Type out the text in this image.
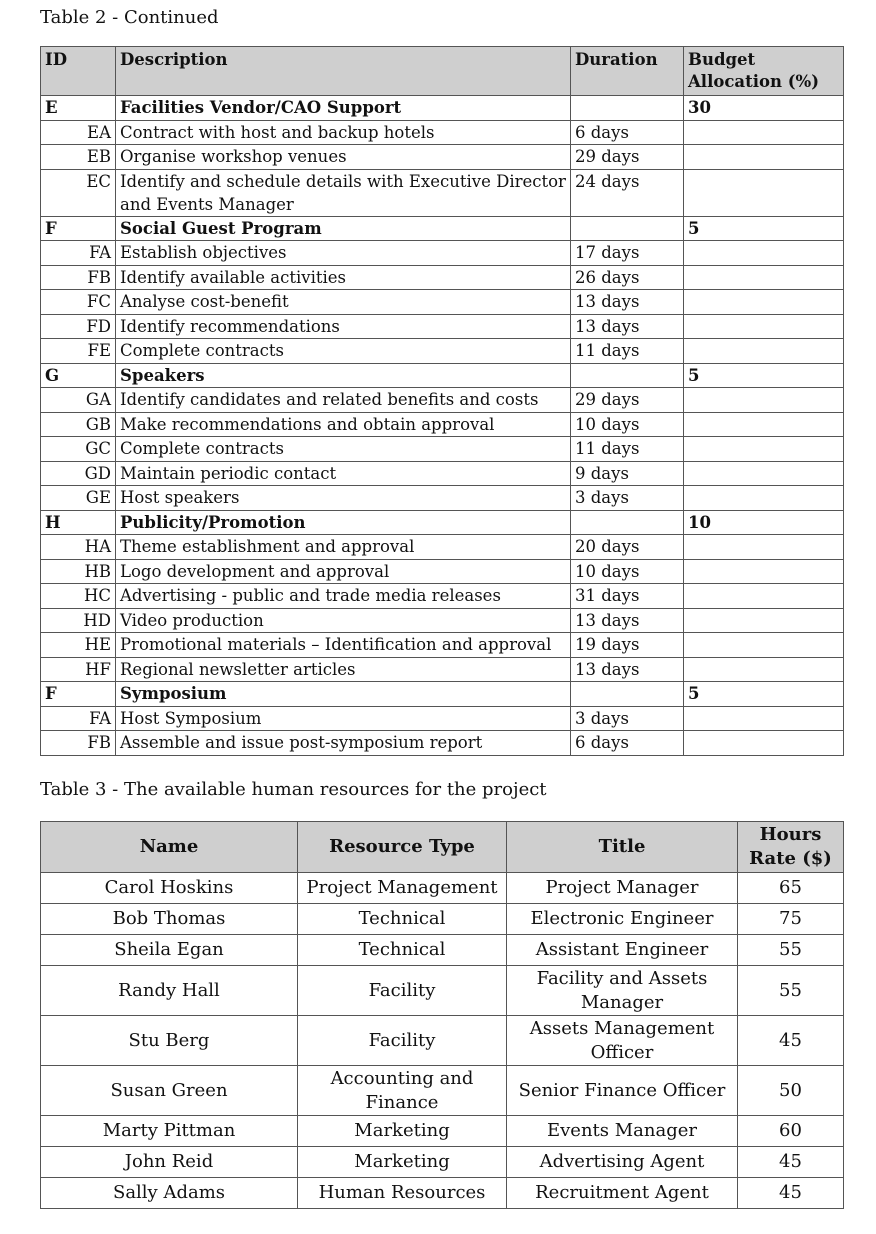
Table 2 - Continued
ID	Description	Duration	Budget Allocation (%)
E	Facilities Vendor/CAO Support		30
EA	Contract with host and backup hotels	6 days	
EB	Organise workshop venues	29 days	
EC	Identify and schedule details with Executive Director and Events Manager	24 days	
F	Social Guest Program		5
FA	Establish objectives	17 days	
FB	Identify available activities	26 days	
FC	Analyse cost-benefit	13 days	
FD	Identify recommendations	13 days	
FE	Complete contracts	11 days	
G	Speakers		5
GA	Identify candidates and related benefits and costs	29 days	
GB	Make recommendations and obtain approval	10 days	
GC	Complete contracts	11 days	
GD	Maintain periodic contact	9 days	
GE	Host speakers	3 days	
H	Publicity/Promotion		10
HA	Theme establishment and approval	20 days	
HB	Logo development and approval	10 days	
HC	Advertising - public and trade media releases	31 days	
HD	Video production	13 days	
HE	Promotional materials – Identification and approval	19 days	
HF	Regional newsletter articles	13 days	
F	Symposium		5
FA	Host Symposium	3 days	
FB	Assemble and issue post-symposium report	6 days	
Table 3 - The available human resources for the project
Name	Resource Type	Title	Hours Rate ($)
Carol Hoskins	Project Management	Project Manager	65
Bob Thomas	Technical	Electronic Engineer	75
Sheila Egan	Technical	Assistant Engineer	55
Randy Hall	Facility	Facility and Assets Manager	55
Stu Berg	Facility	Assets Management Officer	45
Susan Green	Accounting and Finance	Senior Finance Officer	50
Marty Pittman	Marketing	Events Manager	60
John Reid	Marketing	Advertising Agent	45
Sally Adams	Human Resources	Recruitment Agent	45
